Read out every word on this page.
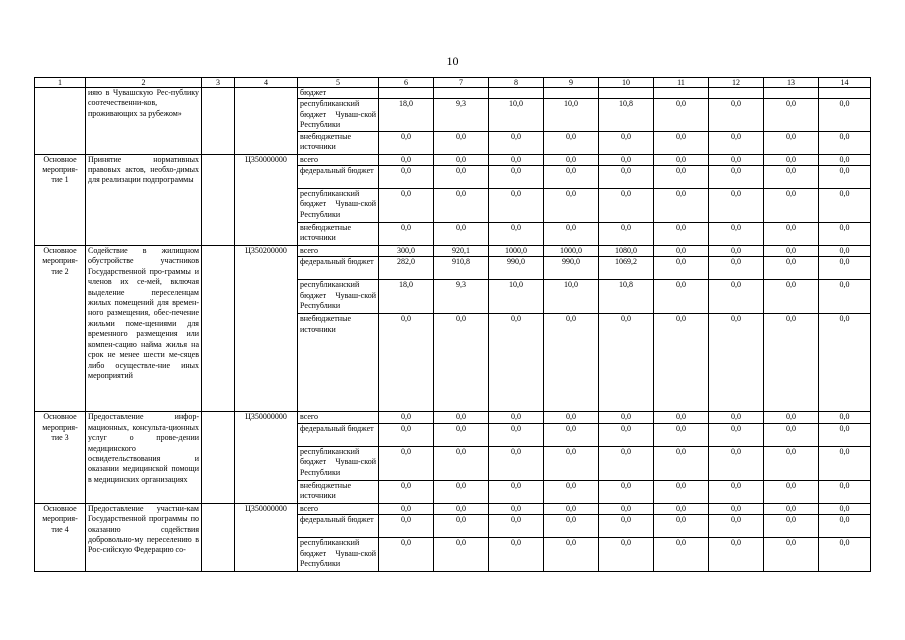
10
1	2	3	4	5	6	7	8	9	10	11	12	13	14
	ияю в Чувашскую Рес-публику соотечественни-ков, проживающих за рубежом»			бюджет									
				республиканский бюджет Чуваш-ской Республики	18,0	9,3	10,0	10,0	10,8	0,0	0,0	0,0	0,0
				внебюджетные источники	0,0	0,0	0,0	0,0	0,0	0,0	0,0	0,0	0,0
Основное мероприя-тие 1	Принятие нормативных правовых актов, необхо-димых для реализации подпрограммы		Ц350000000	всего	0,0	0,0	0,0	0,0	0,0	0,0	0,0	0,0	0,0
				федеральный бюджет	0,0	0,0	0,0	0,0	0,0	0,0	0,0	0,0	0,0
				республиканский бюджет Чуваш-ской Республики	0,0	0,0	0,0	0,0	0,0	0,0	0,0	0,0	0,0
				внебюджетные источники	0,0	0,0	0,0	0,0	0,0	0,0	0,0	0,0	0,0
Основное мероприя-тие 2	Содействие в жилищном обустройстве участников Государственной про-граммы и членов их се-мей, включая выделение переселенцам жилых помещений для времен-ного размещения, обес-печение жильми поме-щениями для временного размещения или компен-сацию найма жилья на срок не менее шести ме-сяцев либо осуществле-ние иных мероприятий		Ц350200000	всего	300,0	920,1	1000,0	1000,0	1080,0	0,0	0,0	0,0	0,0
				федеральный бюджет	282,0	910,8	990,0	990,0	1069,2	0,0	0,0	0,0	0,0
				республиканский бюджет Чуваш-ской Республики	18,0	9,3	10,0	10,0	10,8	0,0	0,0	0,0	0,0
				внебюджетные источники	0,0	0,0	0,0	0,0	0,0	0,0	0,0	0,0	0,0
Основное мероприя-тие 3	Предоставление инфор-мационных, консульта-ционных услуг о прове-дении медицинского освидетельствования и оказании медицинской помощи в медицинских организациях		Ц350000000	всего	0,0	0,0	0,0	0,0	0,0	0,0	0,0	0,0	0,0
				федеральный бюджет	0,0	0,0	0,0	0,0	0,0	0,0	0,0	0,0	0,0
				республиканский бюджет Чуваш-ской Республики	0,0	0,0	0,0	0,0	0,0	0,0	0,0	0,0	0,0
				внебюджетные источники	0,0	0,0	0,0	0,0	0,0	0,0	0,0	0,0	0,0
Основное мероприя-тие 4	Предоставление участни-кам Государственной программы по оказанию содействия добровольно-му переселению в Рос-сийскую Федерацию со-		Ц350000000	всего	0,0	0,0	0,0	0,0	0,0	0,0	0,0	0,0	0,0
				федеральный бюджет	0,0	0,0	0,0	0,0	0,0	0,0	0,0	0,0	0,0
				республиканский бюджет Чуваш-ской Республики	0,0	0,0	0,0	0,0	0,0	0,0	0,0	0,0	0,0
